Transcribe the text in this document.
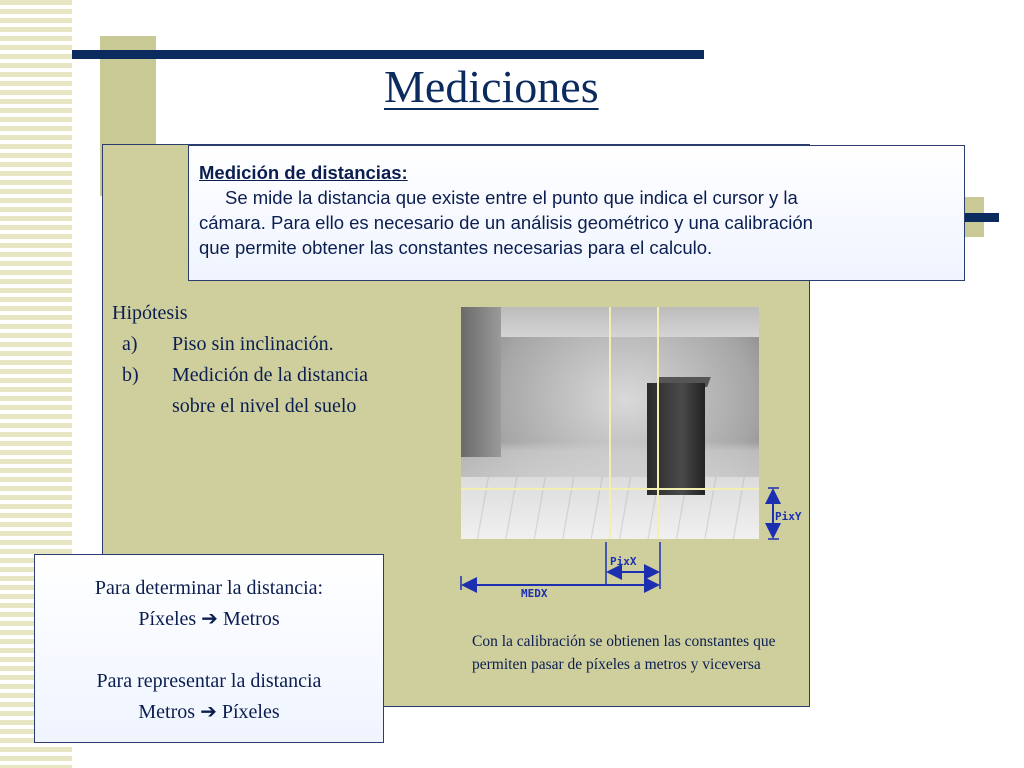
Mediciones
Medición de distancias:
Se mide la distancia que existe entre el punto que indica el cursor y la
cámara. Para ello es necesario de un análisis geométrico y una calibración
que permite obtener las constantes necesarias para el calculo.
Hipótesis
a)	Piso sin inclinación.
b)	Medición de la distancia
sobre el nivel del suelo
PixY
PixX
MEDX
Para determinar la distancia:
Píxeles ➔ Metros
Para representar la distancia
Metros ➔ Píxeles
Con la calibración se obtienen las constantes que permiten pasar de píxeles a metros y viceversa
